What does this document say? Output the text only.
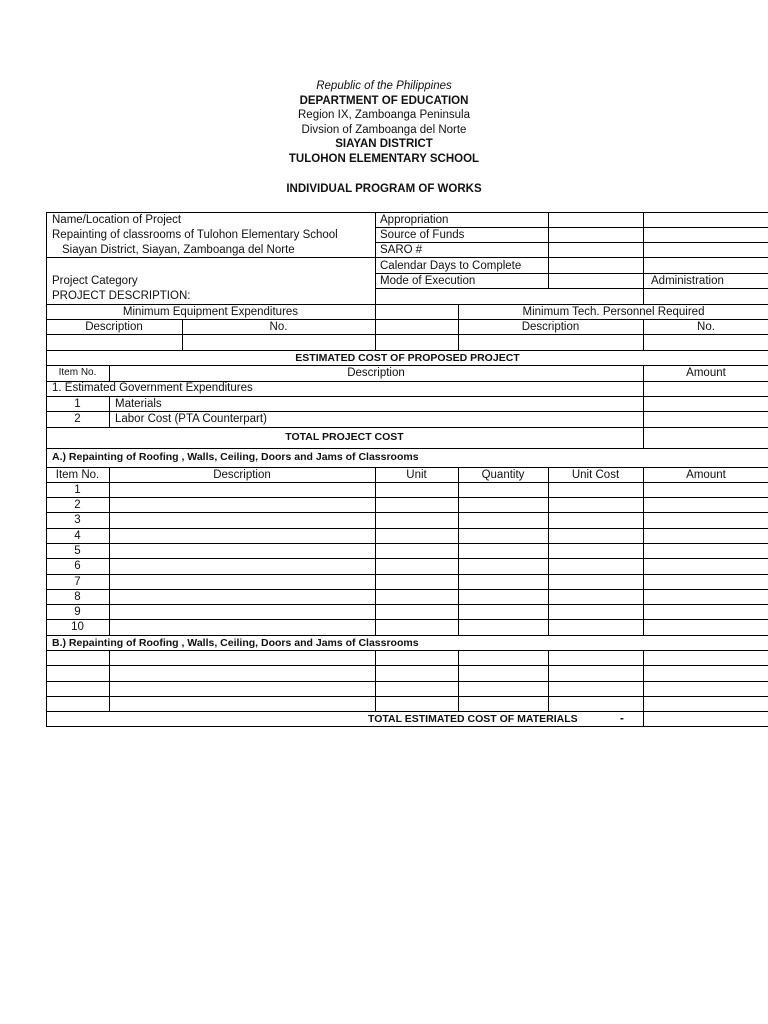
Republic of the Philippines
DEPARTMENT OF EDUCATION
Region IX, Zamboanga Peninsula
Divsion of Zamboanga del Norte
SIAYAN DISTRICT
TULOHON ELEMENTARY SCHOOL
INDIVIDUAL PROGRAM OF WORKS
Name/Location of Project
Repainting of classrooms of Tulohon Elementary School
Siayan District, Siayan, Zamboanga del Norte
Project Category
PROJECT DESCRIPTION:
Appropriation
Source of Funds
SARO #
Calendar Days to Complete
Mode of Execution	Administration
Minimum Equipment Expenditures
Description	No.
Minimum Tech. Personnel Required
Description	No.
ESTIMATED COST OF PROPOSED PROJECT
Item No.	Description	Amount
1. Estimated Government Expenditures
1	Materials
2	Labor Cost (PTA Counterpart)
TOTAL PROJECT COST
A.) Repainting of Roofing , Walls, Ceiling, Doors and Jams of Classrooms
Item No.	Description	Unit	Quantity	Unit Cost	Amount
1
2
3
4
5
6
7
8
9
10
B.) Repainting of Roofing , Walls, Ceiling, Doors and Jams of Classrooms
TOTAL ESTIMATED COST OF MATERIALS	-
